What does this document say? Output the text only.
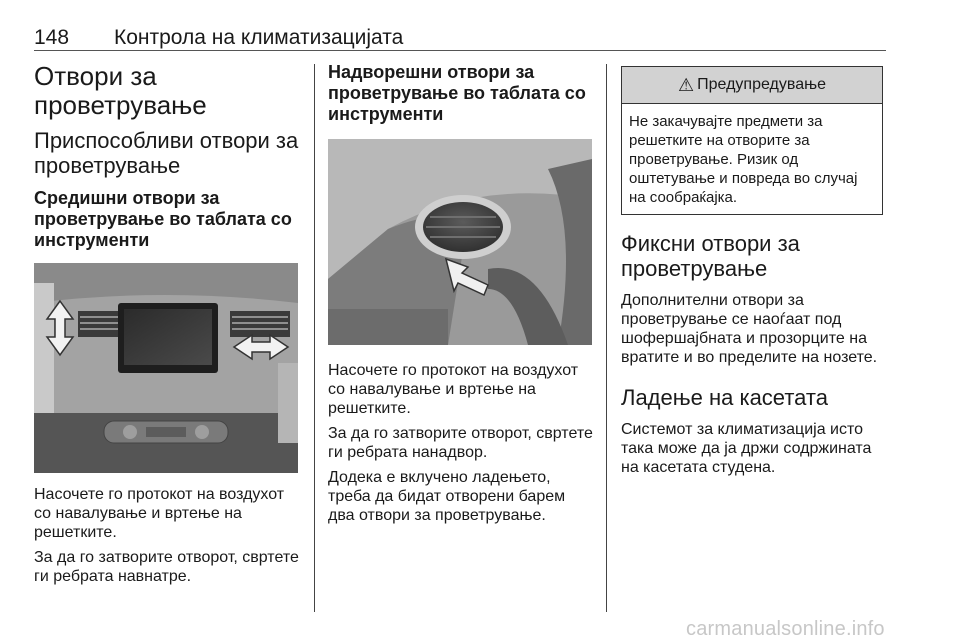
148 Контрола на климатизацијата
Отвори за проветрување
Приспособливи отвори за проветрување
Средишни отвори за проветрување во таблата со инструменти

Насочете го протокот на воздухот со навалување и вртење на решетките.

За да го затворите отворот, свртете ги ребрата навнатре.

Надворешни отвори за проветрување во таблата со инструменти

Насочете го протокот на воздухот со навалување и вртење на решетките.

За да го затворите отворот, свртете ги ребрата нанадвор.

Додека е вклучено ладењето, треба да бидат отворени барем два отвори за проветрување.

⚠ Предупредување
Не закачувајте предмети за решетките на отворите за проветрување. Ризик од оштетување и повреда во случај на сообраќајка.
Фиксни отвори за проветрување

Дополнителни отвори за проветрување се наоѓаат под шофершајбната и прозорците на вратите и во пределите на нозете.

Ладење на касетата

Системот за климатизација исто така може да ја држи содржината на касетата студена.

carmanualsonline.info
